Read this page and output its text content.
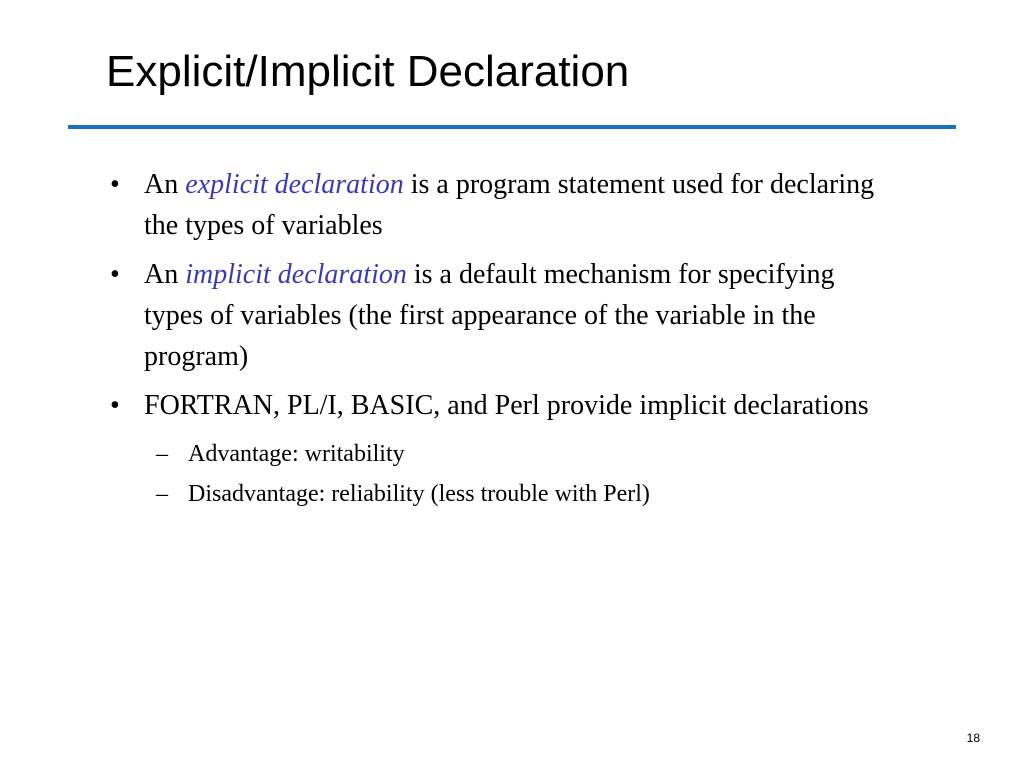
Explicit/Implicit Declaration
• An explicit declaration is a program statement used for declaring the types of variables
• An implicit declaration is a default mechanism for specifying types of variables (the first appearance of the variable in the program)
• FORTRAN, PL/I, BASIC, and Perl provide implicit declarations
– Advantage: writability
– Disadvantage: reliability (less trouble with Perl)
18
